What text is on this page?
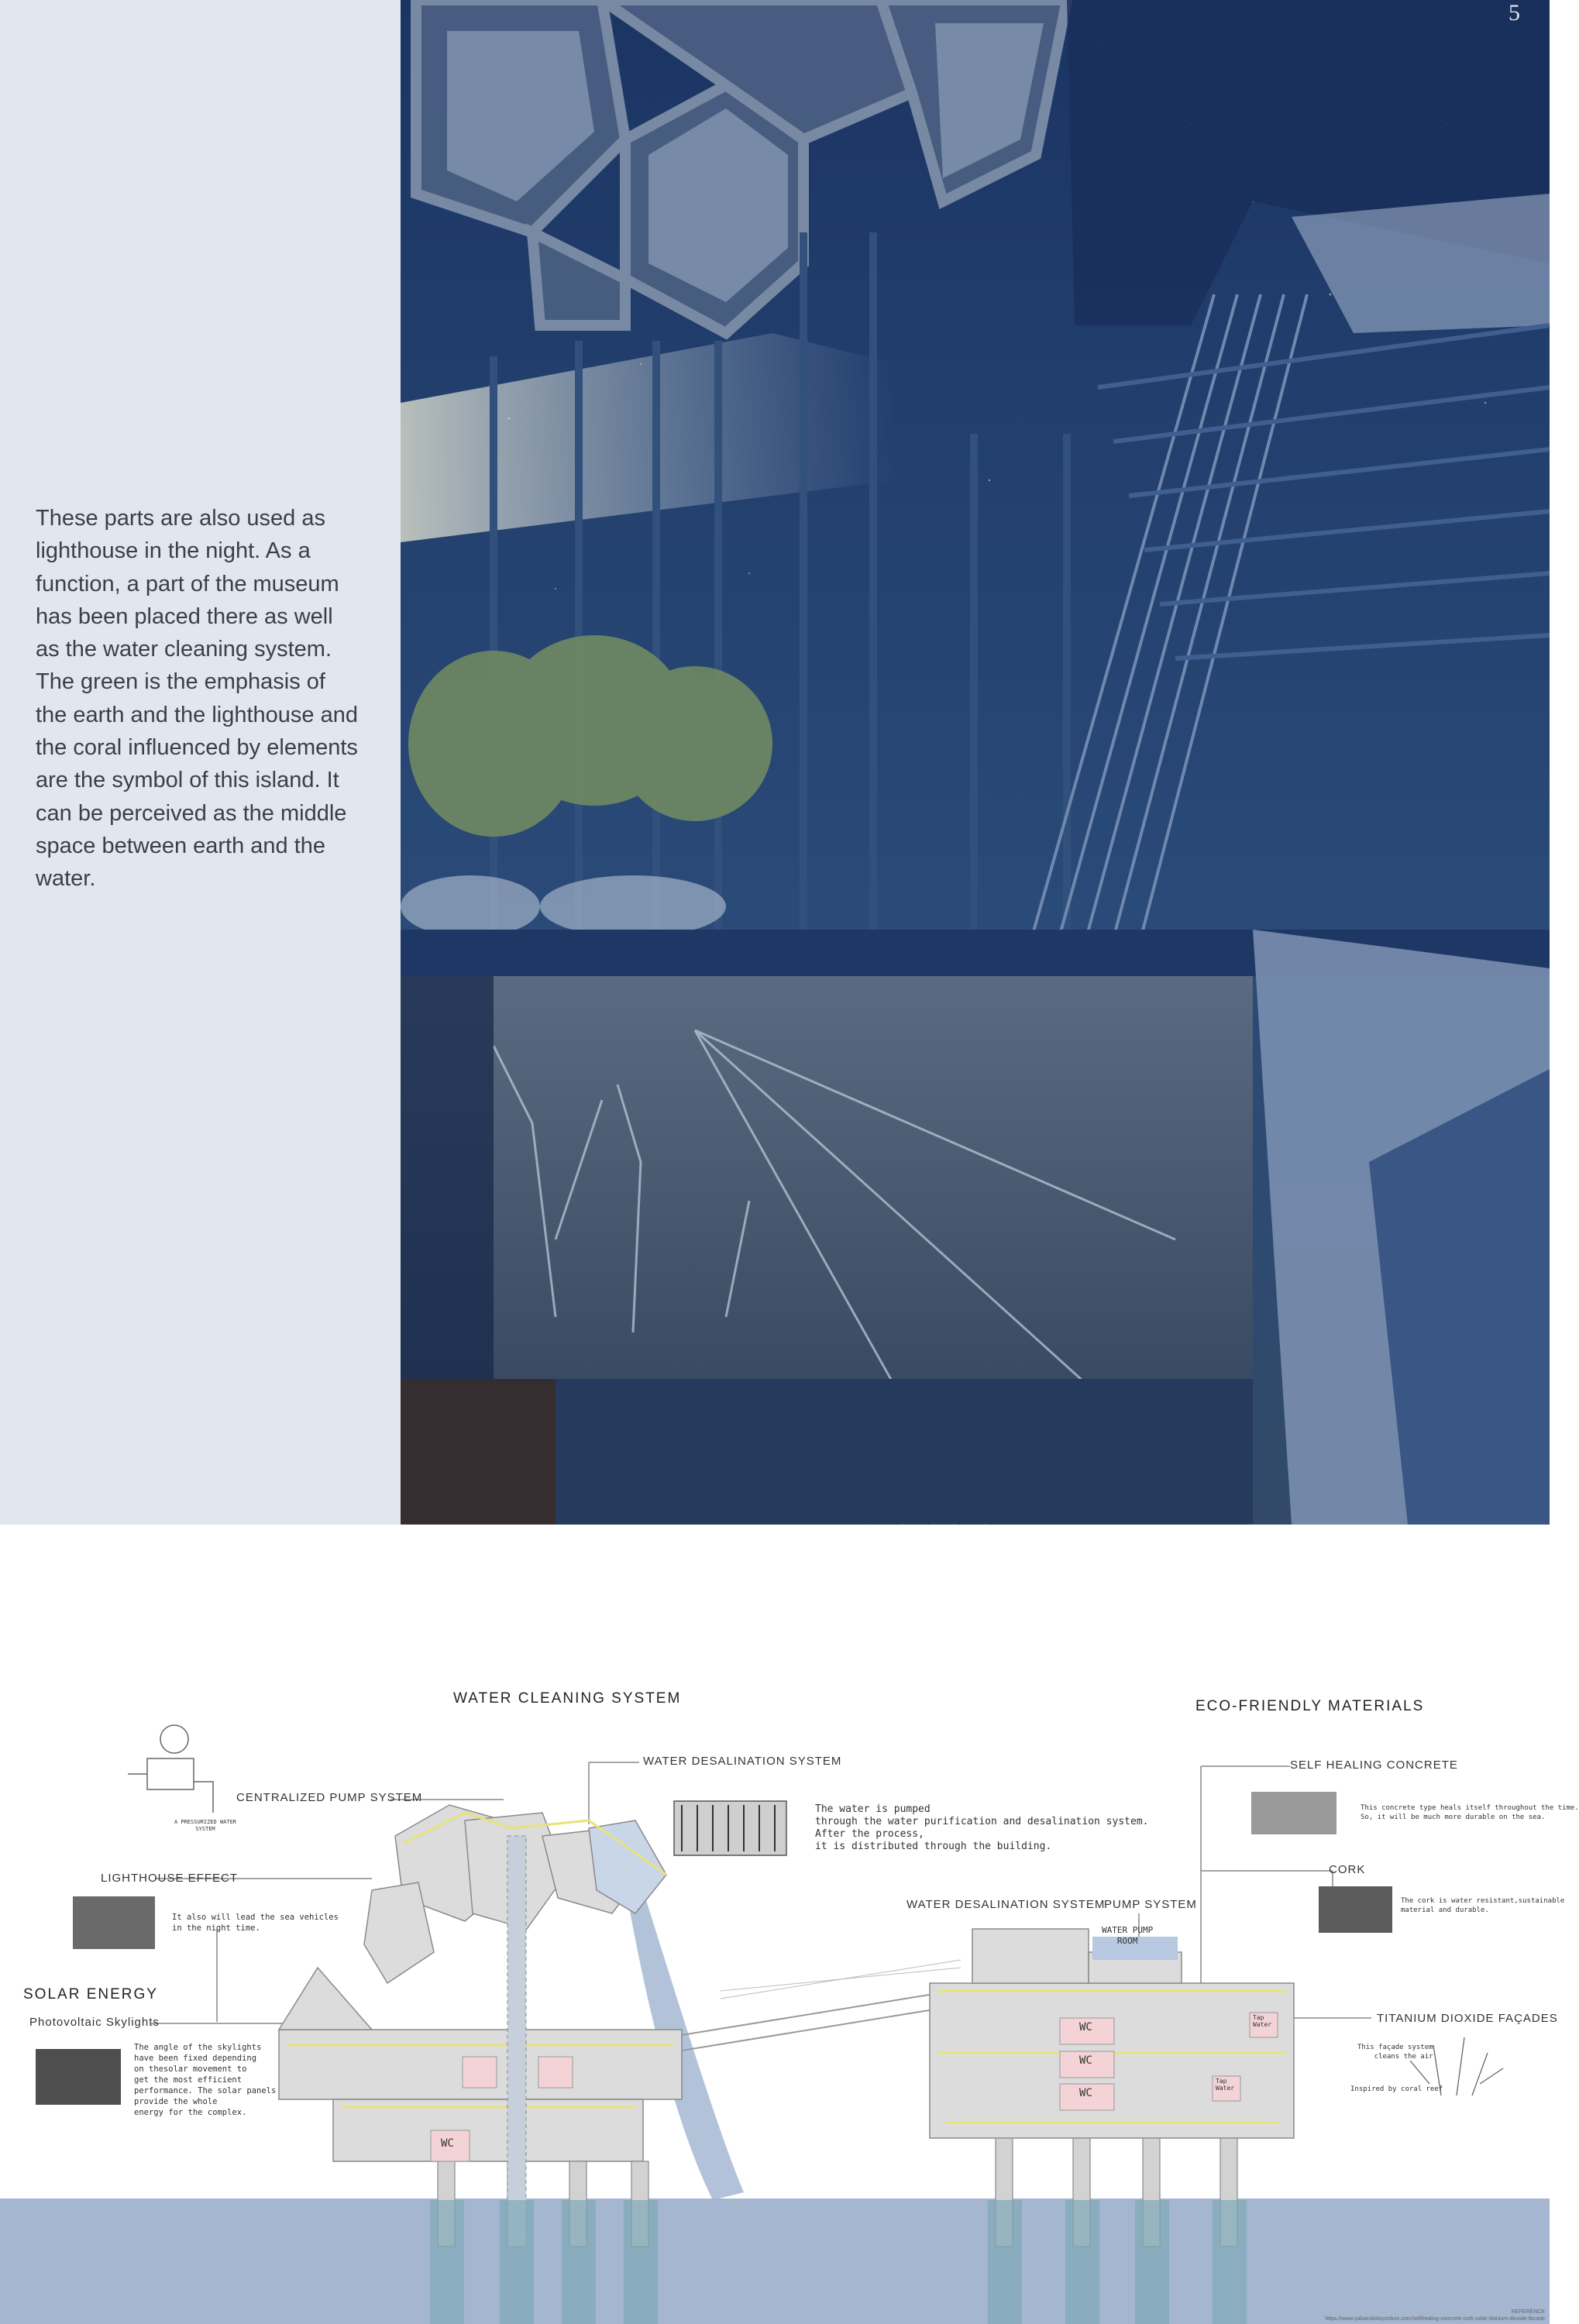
These parts are also used as lighthouse in the night. As a function, a part of the museum has been placed there as well as the water cleaning system. The green is the emphasis of the earth and the lighthouse and the coral influenced by elements are the symbol of this island. It can be perceived as the middle space between earth and the water.

5
WATER CLEANING SYSTEM	ECO-FRIENDLY MATERIALS
A PRESSURIZED WATER SYSTEM
CENTRALIZED PUMP SYSTEM
WATER DESALINATION SYSTEM
The water is pumped
through the water purification and desalination system.
After the process,
it is distributed through the building.
LIGHTHOUSE EFFECT
It also will lead the sea vehicles
in the night time.
SOLAR ENERGY
Photovoltaic Skylights
The angle of the skylights
have been fixed depending
on thesolar movement to
get the most efficient
performance. The solar panels
provide the whole
energy for the complex.
WATER DESALINATION SYSTEM
PUMP SYSTEM
WATER PUMP
ROOM
SELF HEALING CONCRETE
This concrete type heals itself throughout the time.
So, it will be much more durable on the sea.
CORK
The cork is water resistant,sustainable
material and durable.
TITANIUM DIOXIDE FAÇADES
This façade system
cleans the air
Inspired by coral reef
WC
WC
WC
WC
Tap
Water
Tap
Water
REFERENCE
https://www.yakaeskidoyurdum.com/selfhealing-concrete-cork-solar-titanium-dioxide-facade
